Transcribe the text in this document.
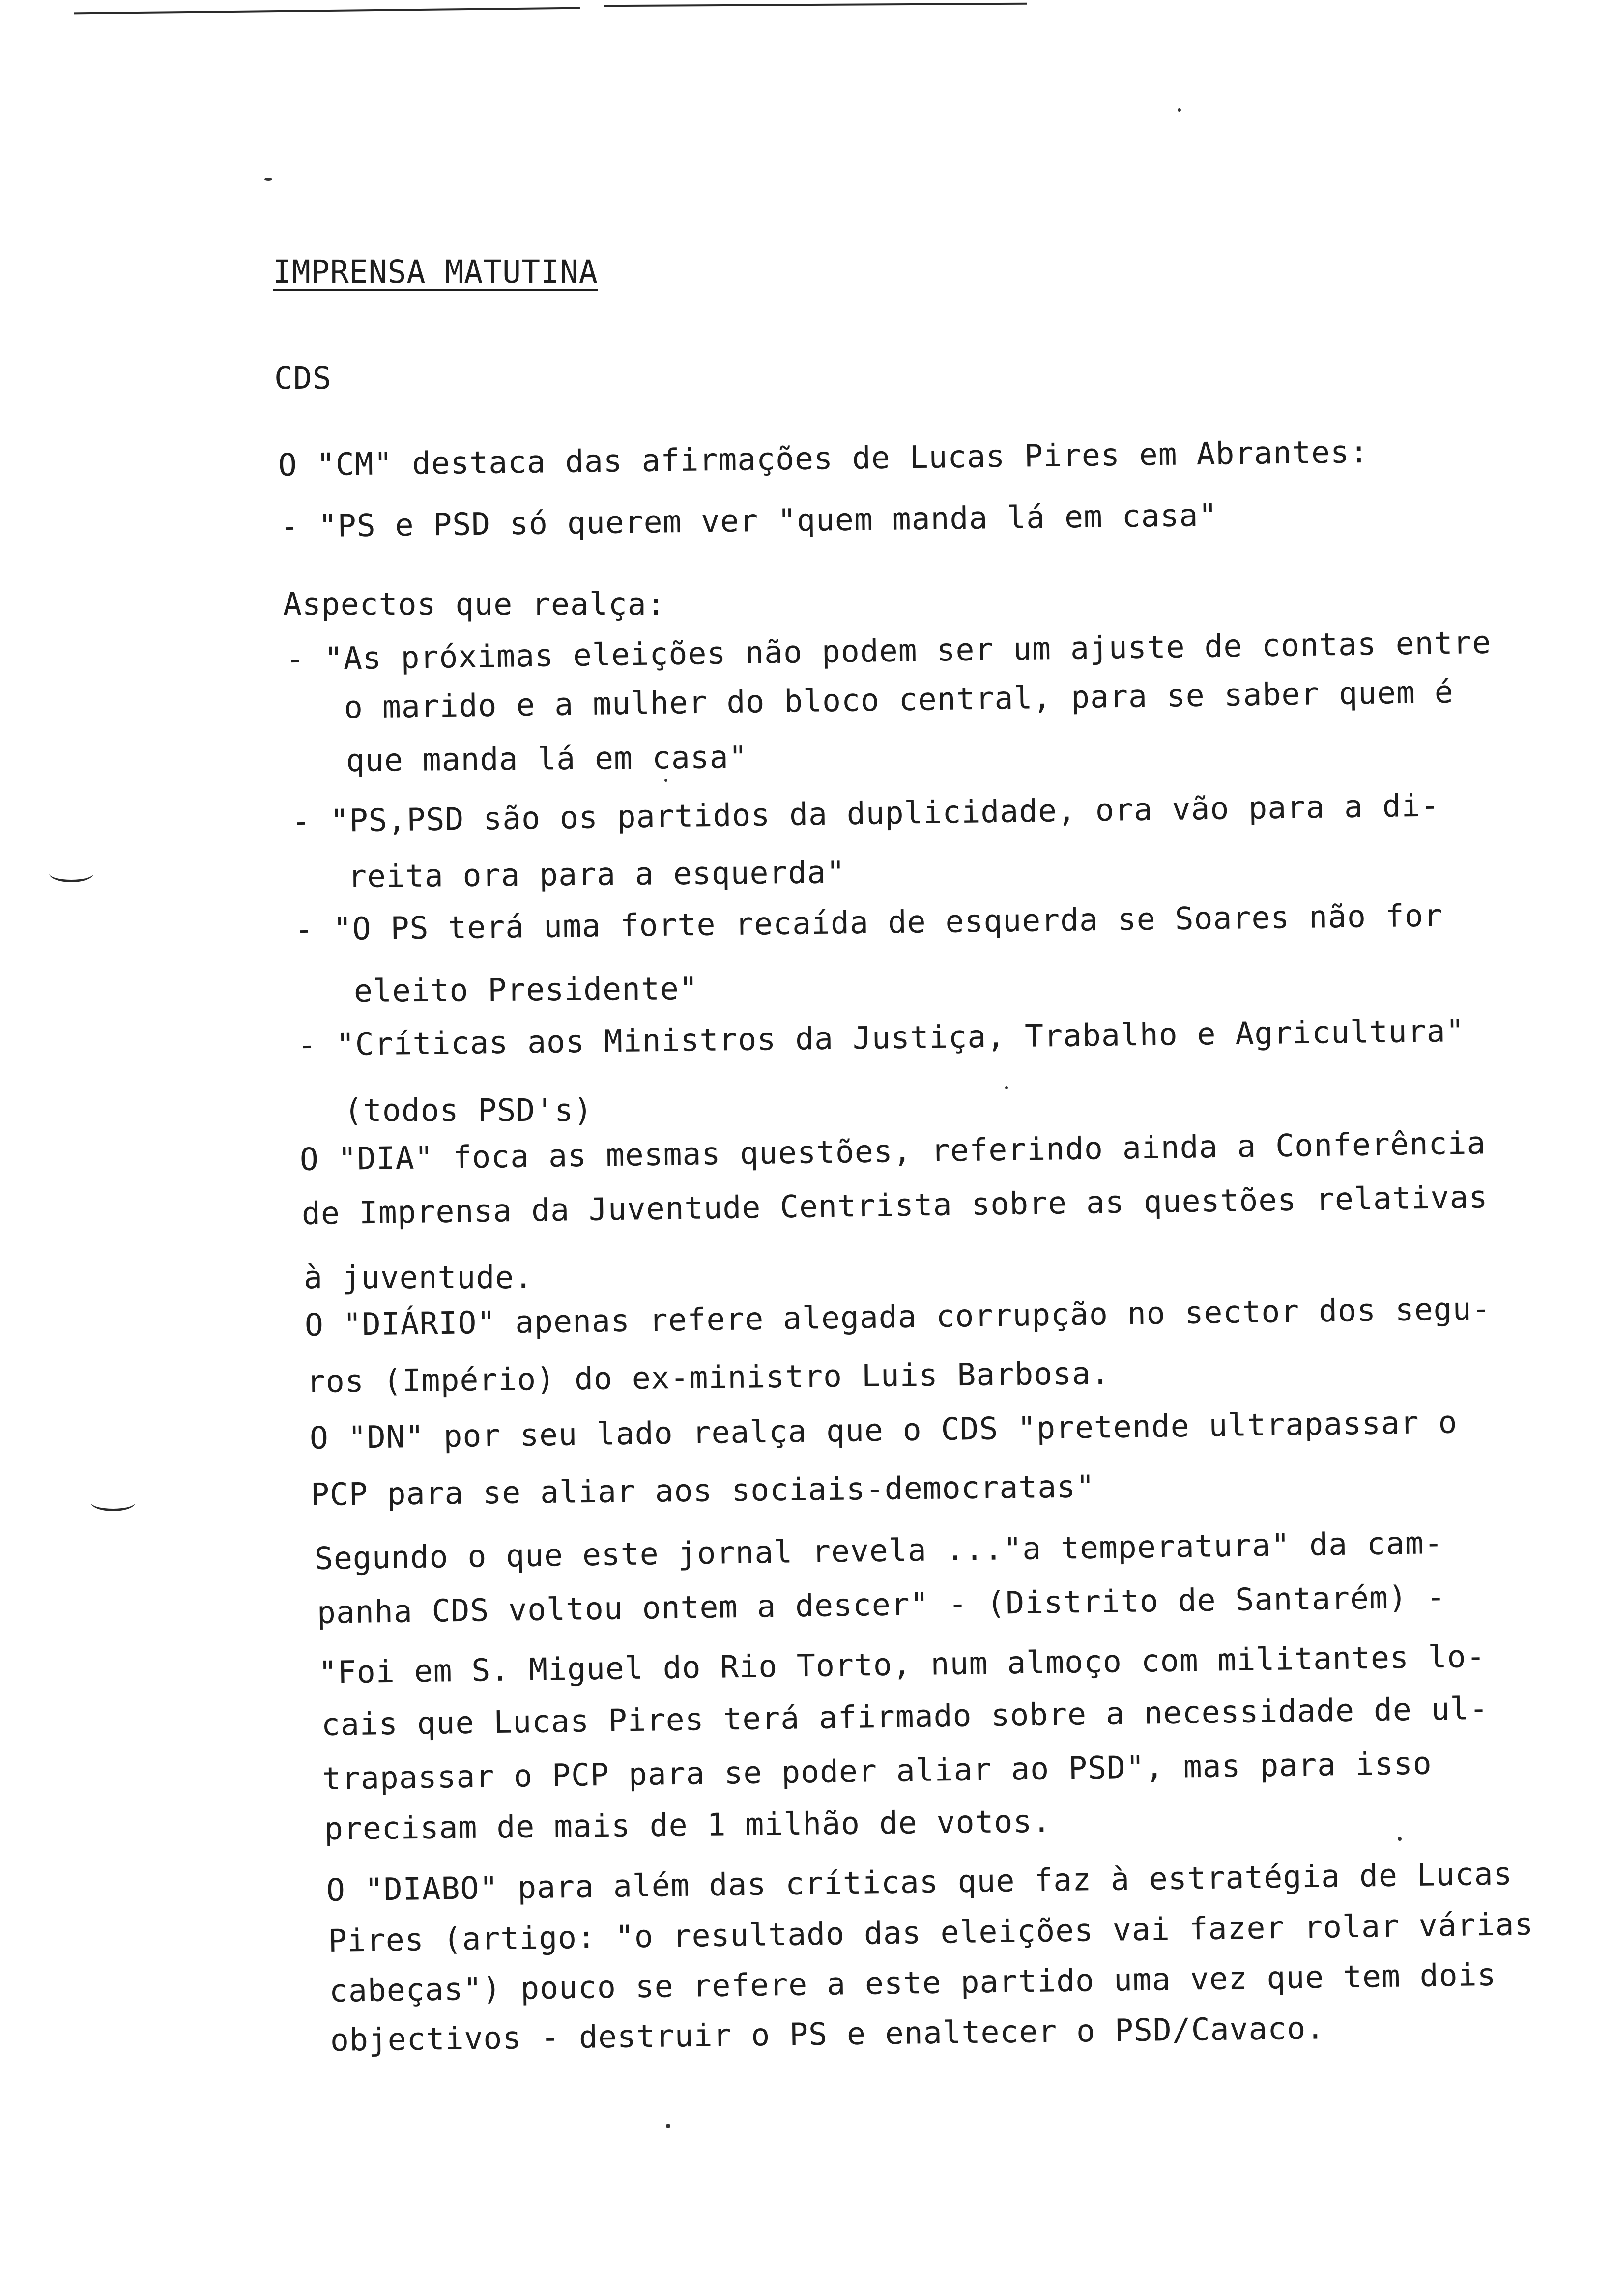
IMPRENSA MATUTINA
CDS
O "CM" destaca das afirmações de Lucas Pires em Abrantes:
- "PS e PSD só querem ver "quem manda lá em casa"
Aspectos que realça:
- "As próximas eleições não podem ser um ajuste de contas entre
o marido e a mulher do bloco central, para se saber quem é
que manda lá em casa"
- "PS,PSD são os partidos da duplicidade, ora vão para a di-
reita ora para a esquerda"
- "O PS terá uma forte recaída de esquerda se Soares não for
eleito Presidente"
- "Críticas aos Ministros da Justiça, Trabalho e Agricultura"
(todos PSD's)
O "DIA" foca as mesmas questões, referindo ainda a Conferência
de Imprensa da Juventude Centrista sobre as questões relativas
à juventude.
O "DIÁRIO" apenas refere alegada corrupção no sector dos segu-
ros (Império) do ex-ministro Luis Barbosa.
O "DN" por seu lado realça que o CDS "pretende ultrapassar o
PCP para se aliar aos sociais-democratas"
Segundo o que este jornal revela ..."a temperatura" da cam-
panha CDS voltou ontem a descer" - (Distrito de Santarém) -
"Foi em S. Miguel do Rio Torto, num almoço com militantes lo-
cais que Lucas Pires terá afirmado sobre a necessidade de ul-
trapassar o PCP para se poder aliar ao PSD", mas para isso
precisam de mais de 1 milhão de votos.
O "DIABO" para além das críticas que faz à estratégia de Lucas
Pires (artigo: "o resultado das eleições vai fazer rolar várias
cabeças") pouco se refere a este partido uma vez que tem dois
objectivos - destruir o PS e enaltecer o PSD/Cavaco.
